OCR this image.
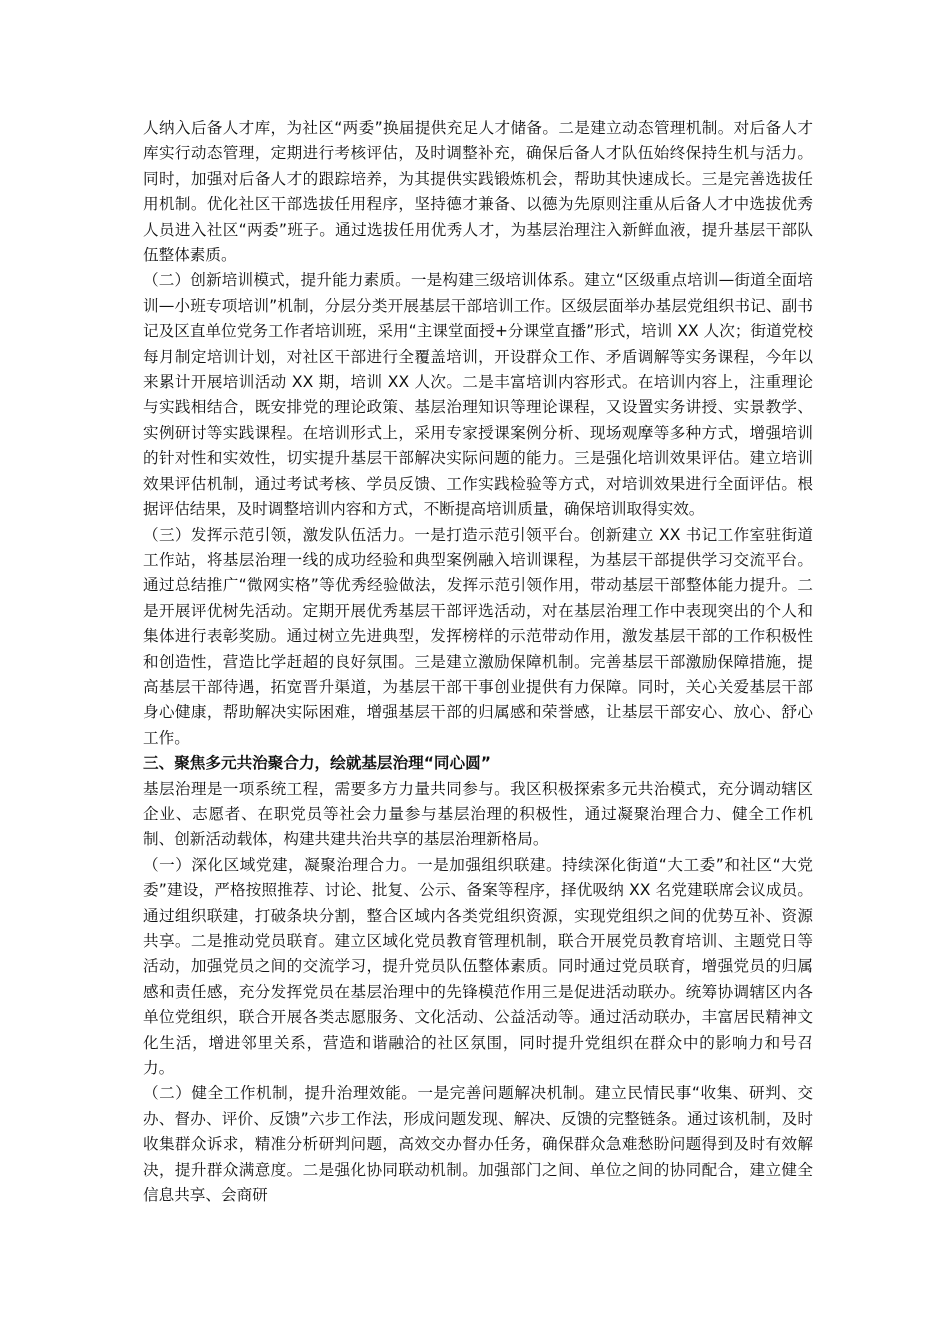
人纳入后备人才库，为社区“两委”换届提供充足人才储备。二是建立动态管理机制。对后备人才库实行动态管理，定期进行考核评估，及时调整补充，确保后备人才队伍始终保持生机与活力。同时，加强对后备人才的跟踪培养，为其提供实践锻炼机会，帮助其快速成长。三是完善选拔任用机制。优化社区干部选拔任用程序，坚持德才兼备、以德为先原则注重从后备人才中选拔优秀人员进入社区“两委”班子。通过选拔任用优秀人才，为基层治理注入新鲜血液，提升基层干部队伍整体素质。

（二）创新培训模式，提升能力素质。一是构建三级培训体系。建立“区级重点培训—街道全面培训—小班专项培训”机制，分层分类开展基层干部培训工作。区级层面举办基层党组织书记、副书记及区直单位党务工作者培训班，采用“主课堂面授+分课堂直播”形式，培训 XX 人次；街道党校每月制定培训计划，对社区干部进行全覆盖培训，开设群众工作、矛盾调解等实务课程，今年以来累计开展培训活动 XX 期，培训 XX 人次。二是丰富培训内容形式。在培训内容上，注重理论与实践相结合，既安排党的理论政策、基层治理知识等理论课程，又设置实务讲授、实景教学、实例研讨等实践课程。在培训形式上，采用专家授课案例分析、现场观摩等多种方式，增强培训的针对性和实效性，切实提升基层干部解决实际问题的能力。三是强化培训效果评估。建立培训效果评估机制，通过考试考核、学员反馈、工作实践检验等方式，对培训效果进行全面评估。根据评估结果，及时调整培训内容和方式，不断提高培训质量，确保培训取得实效。

（三）发挥示范引领，激发队伍活力。一是打造示范引领平台。创新建立 XX 书记工作室驻街道工作站，将基层治理一线的成功经验和典型案例融入培训课程，为基层干部提供学习交流平台。通过总结推广“微网实格”等优秀经验做法，发挥示范引领作用，带动基层干部整体能力提升。二是开展评优树先活动。定期开展优秀基层干部评选活动，对在基层治理工作中表现突出的个人和集体进行表彰奖励。通过树立先进典型，发挥榜样的示范带动作用，激发基层干部的工作积极性和创造性，营造比学赶超的良好氛围。三是建立激励保障机制。完善基层干部激励保障措施，提高基层干部待遇，拓宽晋升渠道，为基层干部干事创业提供有力保障。同时，关心关爱基层干部身心健康，帮助解决实际困难，增强基层干部的归属感和荣誉感，让基层干部安心、放心、舒心工作。

三、聚焦多元共治聚合力，绘就基层治理“同心圆”

基层治理是一项系统工程，需要多方力量共同参与。我区积极探索多元共治模式，充分调动辖区企业、志愿者、在职党员等社会力量参与基层治理的积极性，通过凝聚治理合力、健全工作机制、创新活动载体，构建共建共治共享的基层治理新格局。

（一）深化区域党建，凝聚治理合力。一是加强组织联建。持续深化街道“大工委”和社区“大党委”建设，严格按照推荐、讨论、批复、公示、备案等程序，择优吸纳 XX 名党建联席会议成员。通过组织联建，打破条块分割，整合区域内各类党组织资源，实现党组织之间的优势互补、资源共享。二是推动党员联育。建立区域化党员教育管理机制，联合开展党员教育培训、主题党日等活动，加强党员之间的交流学习，提升党员队伍整体素质。同时通过党员联育，增强党员的归属感和责任感，充分发挥党员在基层治理中的先锋模范作用三是促进活动联办。统筹协调辖区内各单位党组织，联合开展各类志愿服务、文化活动、公益活动等。通过活动联办，丰富居民精神文化生活，增进邻里关系，营造和谐融洽的社区氛围，同时提升党组织在群众中的影响力和号召力。

（二）健全工作机制，提升治理效能。一是完善问题解决机制。建立民情民事“收集、研判、交办、督办、评价、反馈”六步工作法，形成问题发现、解决、反馈的完整链条。通过该机制，及时收集群众诉求，精准分析研判问题，高效交办督办任务，确保群众急难愁盼问题得到及时有效解决，提升群众满意度。二是强化协同联动机制。加强部门之间、单位之间的协同配合，建立健全信息共享、会商研
